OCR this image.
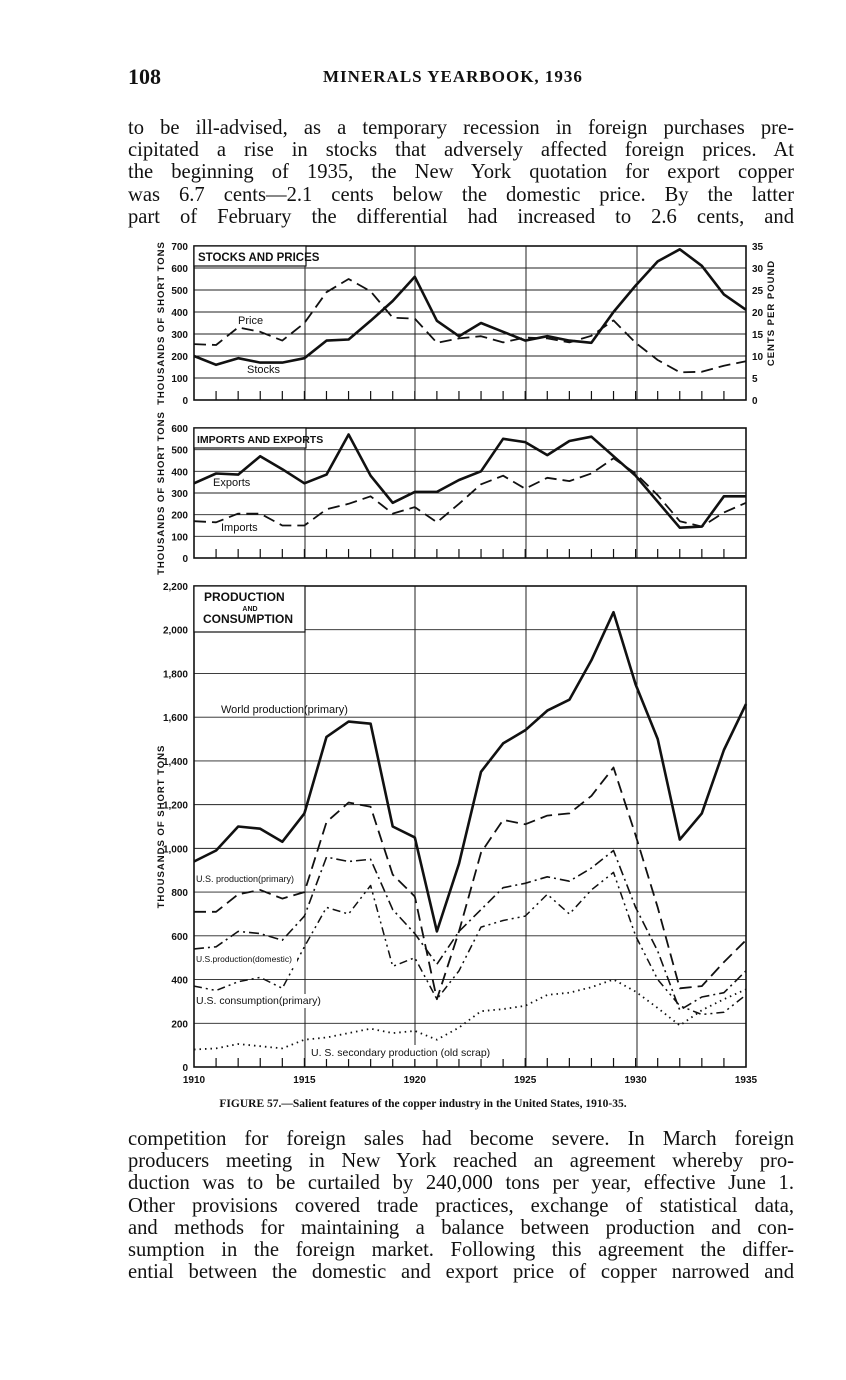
108	MINERALS YEARBOOK, 1936
to be ill-advised, as a temporary recession in foreign purchases pre-
cipitated a rise in stocks that adversely affected foreign prices. At
the beginning of 1935, the New York quotation for export copper
was 6.7 cents—2.1 cents below the domestic price. By the latter
part of February the differential had increased to 2.6 cents, and
0	0
100	5
200	10
300	15
400	20
500	25
600	30
700	35
THOUSANDS OF SHORT TONS	CENTS PER POUND
STOCKS AND PRICES
Price
Stocks
0
100
200
300
400
500
600
THOUSANDS OF SHORT TONS	IMPORTS AND EXPORTS
Exports
Imports
0
200
400
600
800
1,000
1,200
1,400
1,600
1,800
2,000
2,200
THOUSANDS OF SHORT TONS
PRODUCTION
AND
CONSUMPTION
World production(primary)
U.S. production(primary)
U.S.production(domestic)
U.S. consumption(primary)
U. S. secondary production (old scrap)
1910	1915	1920	1925	1930	1935
FIGURE 57.—Salient features of the copper industry in the United States, 1910-35.
competition for foreign sales had become severe. In March foreign
producers meeting in New York reached an agreement whereby pro-
duction was to be curtailed by 240,000 tons per year, effective June 1.
Other provisions covered trade practices, exchange of statistical data,
and methods for maintaining a balance between production and con-
sumption in the foreign market. Following this agreement the differ-
ential between the domestic and export price of copper narrowed and
